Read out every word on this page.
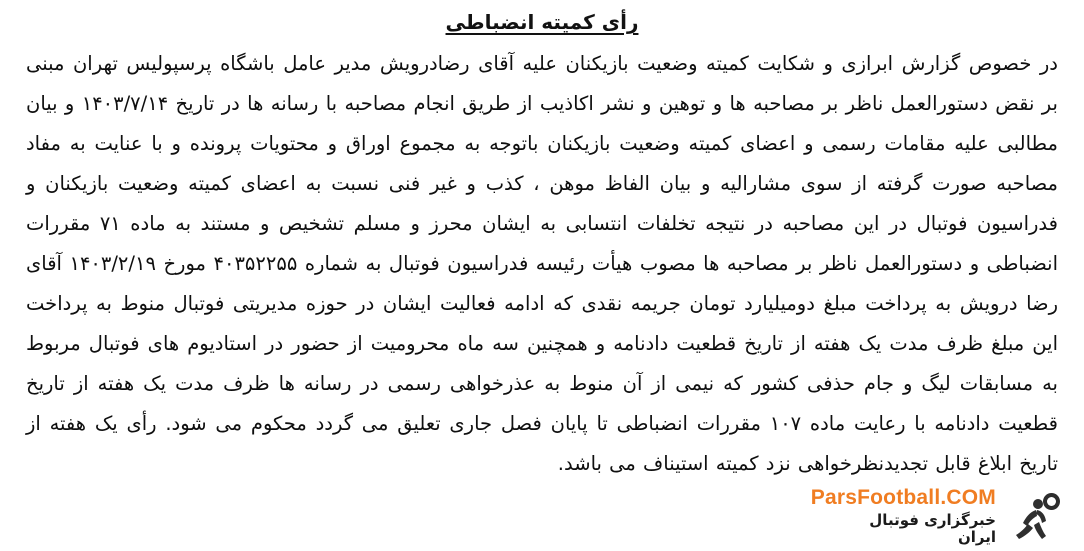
رأی کمیته انضباطی

در خصوص گزارش ابرازی و شکایت کمیته وضعیت بازیکنان علیه آقای رضادرویش مدیر عامل باشگاه پرسپولیس تهران مبنی بر نقض دستورالعمل ناظر بر مصاحبه ها و توهین و نشر اکاذیب از طریق انجام مصاحبه با رسانه ها در تاریخ ۱۴۰۳/۷/۱۴ و بیان مطالبی علیه مقامات رسمی و اعضای کمیته وضعیت بازیکنان باتوجه به مجموع اوراق و محتویات پرونده و با عنایت به مفاد مصاحبه صورت گرفته از سوی مشارالیه و بیان الفاظ موهن ، کذب و غیر فنی نسبت به اعضای کمیته وضعیت بازیکنان و فدراسیون فوتبال در این مصاحبه در نتیجه تخلفات انتسابی به ایشان محرز و مسلم تشخیص و مستند به ماده ۷۱ مقررات انضباطی و دستورالعمل ناظر بر مصاحبه ها مصوب هیأت رئیسه فدراسیون فوتبال به شماره ۴۰۳۵۲۲۵۵ مورخ ۱۴۰۳/۲/۱۹ آقای رضا درویش به پرداخت مبلغ دومیلیارد تومان جریمه نقدی که ادامه فعالیت ایشان در حوزه مدیریتی فوتبال منوط به پرداخت این مبلغ ظرف مدت یک هفته از تاریخ قطعیت دادنامه و همچنین سه ماه محرومیت از حضور در استادیوم های فوتبال مربوط به مسابقات لیگ و جام حذفی کشور که نیمی از آن منوط به عذرخواهی رسمی در رسانه ها ظرف مدت یک هفته از تاریخ قطعیت دادنامه با رعایت ماده ۱۰۷ مقررات انضباطی تا پایان فصل جاری تعلیق می گردد محکوم می شود. رأی یک هفته از تاریخ ابلاغ قابل تجدیدنظرخواهی نزد کمیته استیناف می باشد.

ParsFootball.COM
خبرگزاری فوتبال
ایران
